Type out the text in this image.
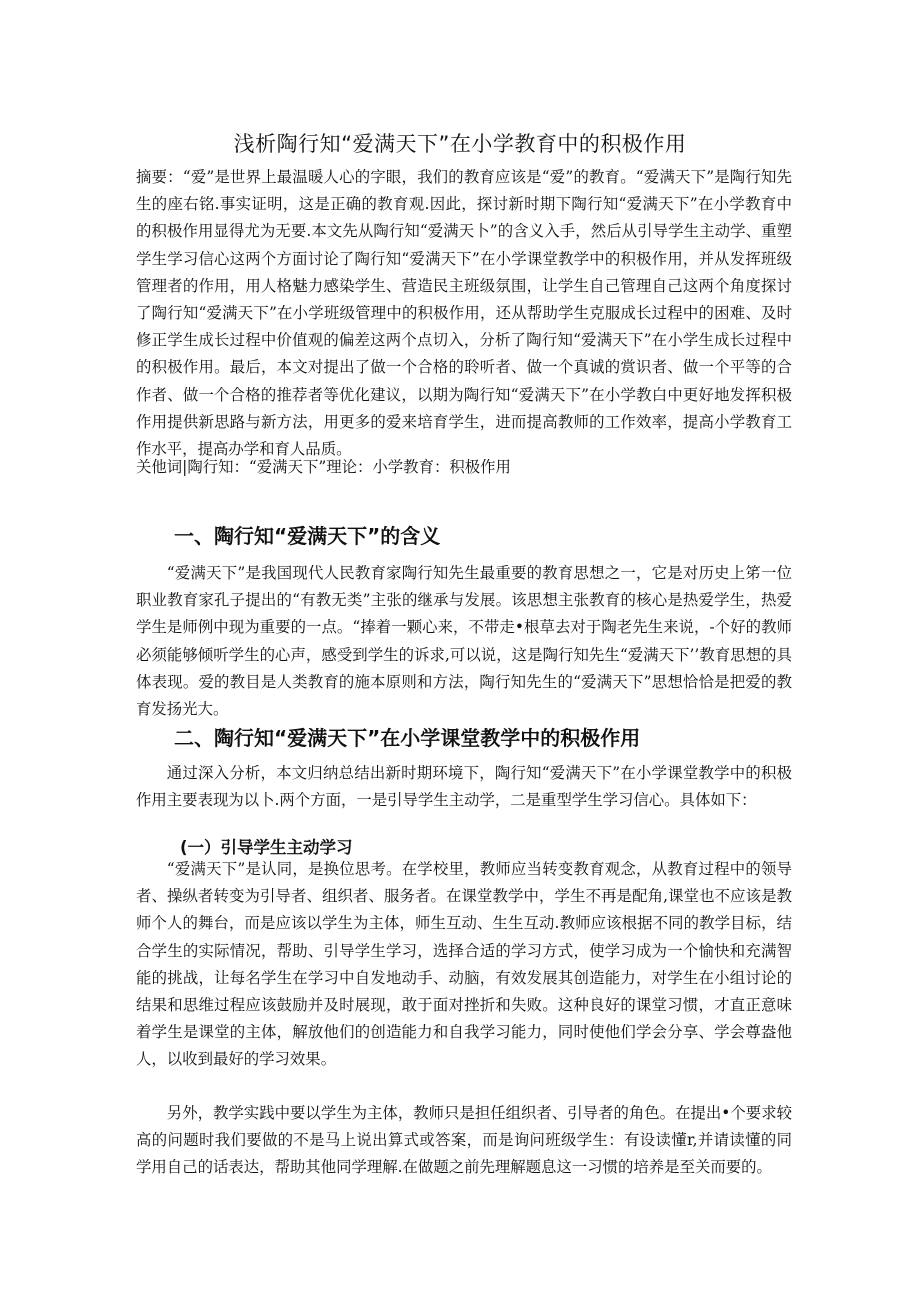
浅析陶行知“爱满天下”在小学教育中的积极作用

摘要：“爱”是世界上最温暖人心的字眼，我们的教育应该是“爱”的教育。“爱满天下”是陶行知先生的座右铭.事实证明，这是正确的教育观.因此，探讨新时期下陶行知“爱满天下”在小学教育中的积极作用显得尤为无要.本文先从陶行知“爱满天卜”的含义入手，然后从引导学生主动学、重塑学生学习信心这两个方面讨论了陶行知“爱满天下”在小学课堂教学中的积极作用，并从发挥班级管理者的作用，用人格魅力感染学生、营造民主班级氛围，让学生自己管理自己这两个角度探讨了陶行知“爱满天下”在小学班级管理中的积极作用，还从帮助学生克服成长过程中的困难、及时修正学生成长过程中价值观的偏差这两个点切入，分析了陶行知“爱满天下”在小学生成长过程中的积极作用。最后，本文对提出了做一个合格的聆听者、做一个真诚的赏识者、做一个平等的合作者、做一个合格的推荐者等优化建议，以期为陶行知“爱满天下”在小学教白中更好地发挥积极作用提供新思路与新方法，用更多的爱来培育学生，进而提高教师的工作效率，提高小学教育工作水平，提高办学和育人品质。

关他词|陶行知：“爱满天下”理论：小学教育：积极作用

一、陶行知“爱满天下”的含义

“爱满天下”是我国现代人民教育家陶行知先生最重要的教育思想之一，它是对历史上笫一位职业教育家孔子提出的“有教无类”主张的继承与发展。该思想主张教育的核心是热爱学生，热爱学生是师例中现为重要的一点。“捧着一颗心来，不带走•根草去对于陶老先生来说，-个好的教师必须能够倾听学生的心声，感受到学生的诉求,可以说，这是陶行知先生“爱满天下’’教育思想的具体表现。爱的教目是人类教育的施本原则和方法，陶行知先生的“爱满天下”思想恰恰是把爱的教育发扬光大。

二、陶行知“爱满天下”在小学课堂教学中的积极作用

通过深入分析，本文归纳总结出新时期环境下，陶行知“爱满天下”在小学课堂教学中的积极作用主要表现为以卜.两个方面，一是引导学生主动学，二是重型学生学习信心。具体如下：

(一）引导学生主动学习

“爱满天下”是认同，是换位思考。在学校里，教师应当转变教育观念，从教育过程中的领导者、操纵者转变为引导者、组织者、服务者。在课堂教学中，学生不再是配角,课堂也不应该是教师个人的舞台，而是应该以学生为主体，师生互动、生生互动.教师应该根据不同的教学目标，结合学生的实际情况，帮助、引导学生学习，选择合适的学习方式，使学习成为一个愉快和充满智能的挑战，让每名学生在学习中自发地动手、动脑，有效发展其创造能力，对学生在小组讨论的结果和思维过程应该鼓励并及时展现，敢于面对挫折和失败。这种良好的课堂习惯，才直正意味着学生是课堂的主体，解放他们的创造能力和自我学习能力，同时使他们学会分享、学会尊盎他人，以收到最好的学习效果。

另外，教学实践中要以学生为主体，教师只是担任组织者、引导者的角色。在提出•个要求较高的问题时我们要做的不是马上说出算式或答案，而是询问班级学生：有设读懂r,并请读懂的同学用自己的话表达，帮助其他同学理解.在做题之前先理解题息这一习惯的培养是至关而要的。
